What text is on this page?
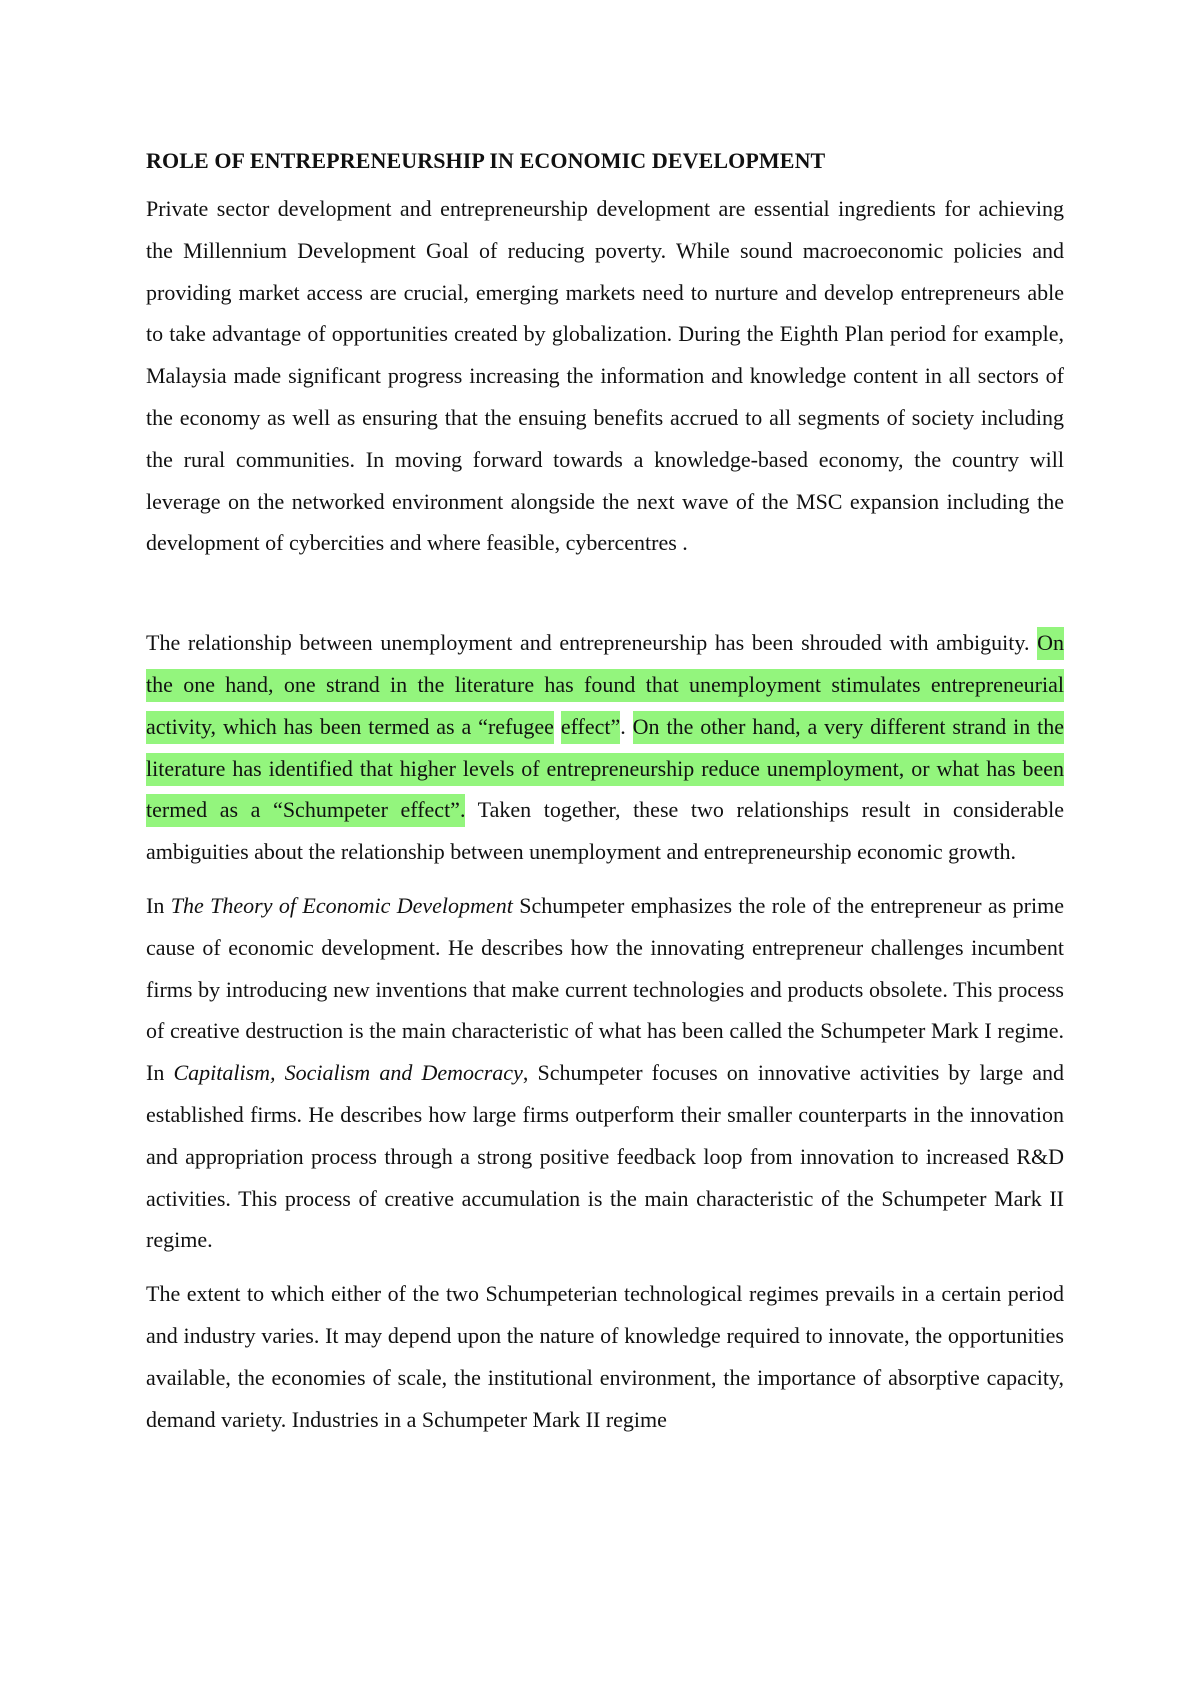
ROLE OF ENTREPRENEURSHIP IN ECONOMIC DEVELOPMENT

Private sector development and entrepreneurship development are essential ingredients for achieving the Millennium Development Goal of reducing poverty. While sound macroeconomic policies and providing market access are crucial, emerging markets need to nurture and develop entrepreneurs able to take advantage of opportunities created by globalization. During the Eighth Plan period for example, Malaysia made significant progress increasing the information and knowledge content in all sectors of the economy as well as ensuring that the ensuing benefits accrued to all segments of society including the rural communities. In moving forward towards a knowledge-based economy, the country will leverage on the networked environment alongside the next wave of the MSC expansion including the development of cybercities and where feasible, cybercentres .

The relationship between unemployment and entrepreneurship has been shrouded with ambiguity. On the one hand, one strand in the literature has found that unemployment stimulates entrepreneurial activity, which has been termed as a “refugee effect”. On the other hand, a very different strand in the literature has identified that higher levels of entrepreneurship reduce unemployment, or what has been termed as a “Schumpeter effect”. Taken together, these two relationships result in considerable ambiguities about the relationship between unemployment and entrepreneurship economic growth.

In The Theory of Economic Development Schumpeter emphasizes the role of the entrepreneur as prime cause of economic development. He describes how the innovating entrepreneur challenges incumbent firms by introducing new inventions that make current technologies and products obsolete. This process of creative destruction is the main characteristic of what has been called the Schumpeter Mark I regime. In Capitalism, Socialism and Democracy, Schumpeter focuses on innovative activities by large and established firms. He describes how large firms outperform their smaller counterparts in the innovation and appropriation process through a strong positive feedback loop from innovation to increased R&D activities. This process of creative accumulation is the main characteristic of the Schumpeter Mark II regime.

The extent to which either of the two Schumpeterian technological regimes prevails in a certain period and industry varies. It may depend upon the nature of knowledge required to innovate, the opportunities available, the economies of scale, the institutional environment, the importance of absorptive capacity, demand variety. Industries in a Schumpeter Mark II regime
